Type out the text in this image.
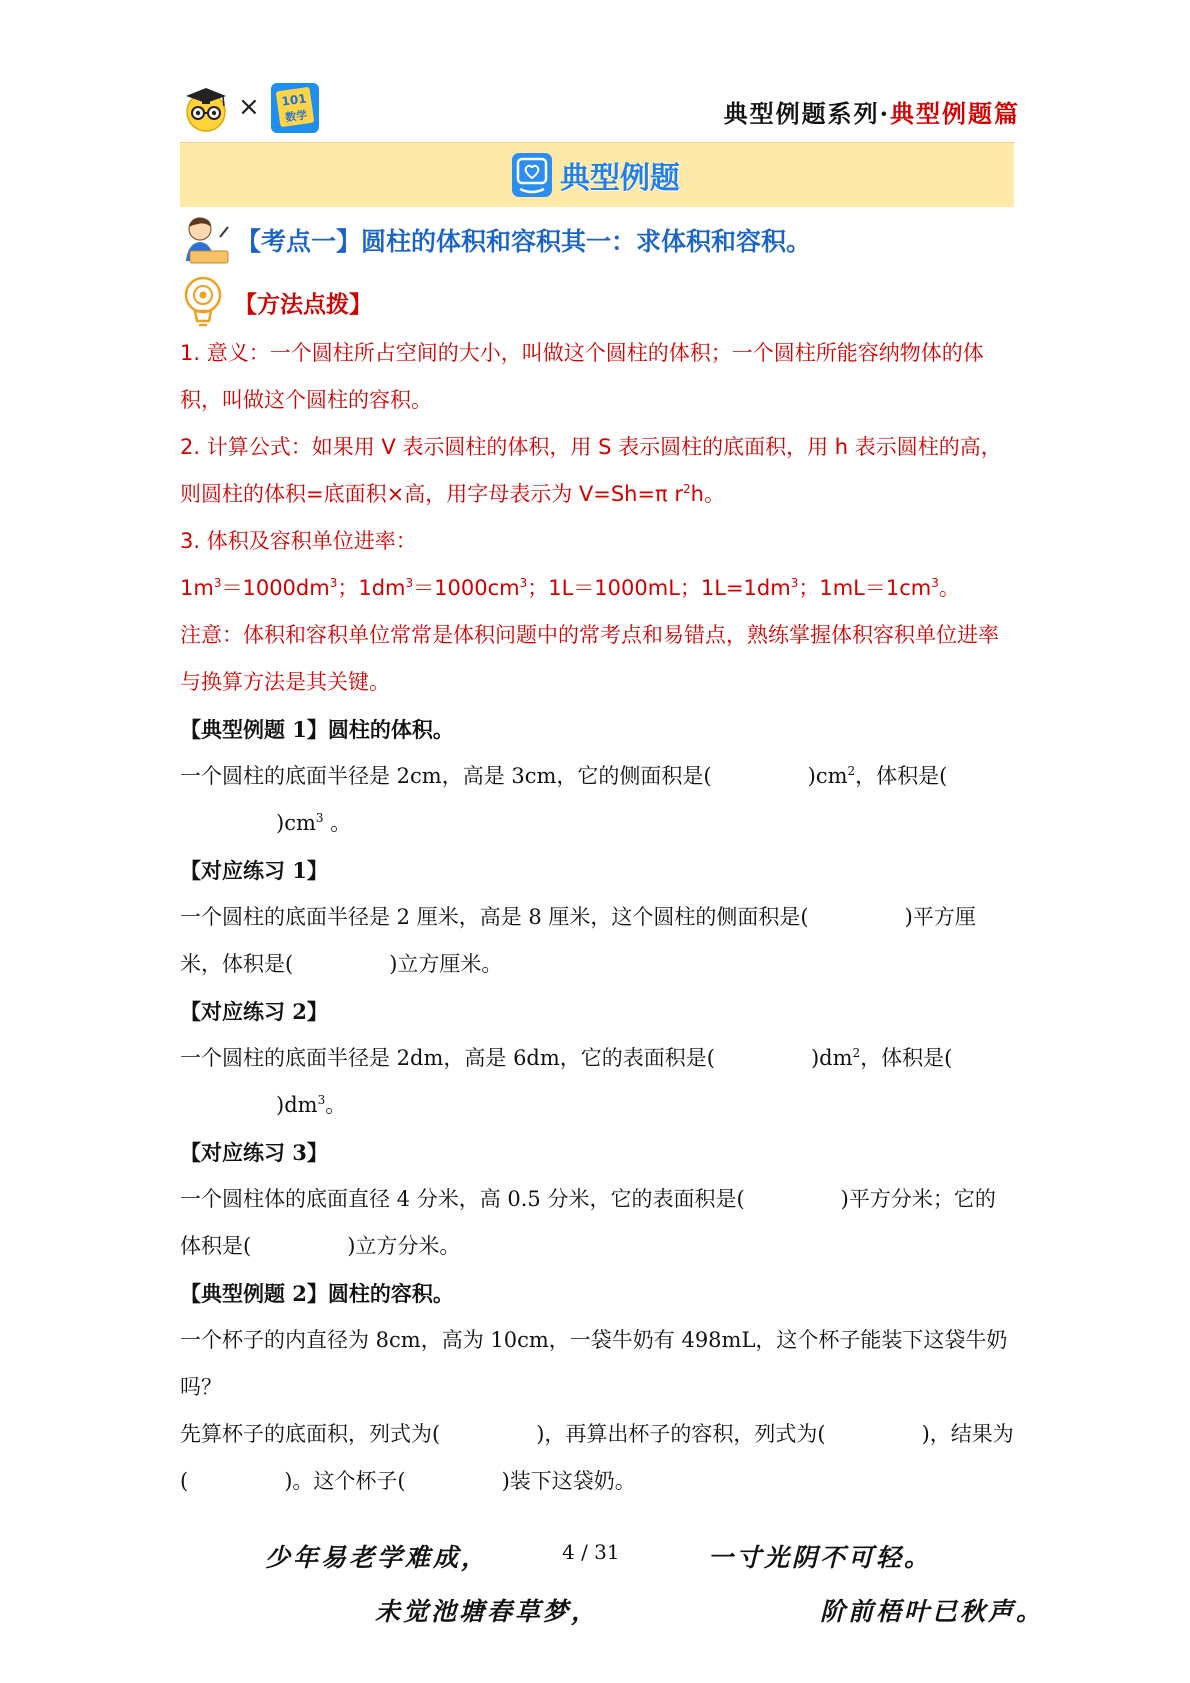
× 101
数学	典型例题系列·典型例题篇
典型例题
【考点一】圆柱的体积和容积其一：求体积和容积。
【方法点拨】

1. 意义：一个圆柱所占空间的大小，叫做这个圆柱的体积；一个圆柱所能容纳物体的体积，叫做这个圆柱的容积。

2. 计算公式：如果用 V 表示圆柱的体积，用 S 表示圆柱的底面积，用 h 表示圆柱的高，则圆柱的体积=底面积×高，用字母表示为 V=Sh=π $r^2h$。

3. 体积及容积单位进率：

$1m^3=1000dm^3$；$1dm^3=1000cm^3$；1L＝1000mL；$1L=1dm^3$；$1mL=1cm^3$。

注意：体积和容积单位常常是体积问题中的常考点和易错点，熟练掌握体积容积单位进率与换算方法是其关键。

【典型例题 1】圆柱的体积。

一个圆柱的底面半径是 2cm，高是 3cm，它的侧面积是(	)$cm^2$，体积是$()cm^3$ 。

【对应练习 1】

一个圆柱的底面半径是 2 厘米，高是 8 厘米，这个圆柱的侧面积是(	)平方厘米，体积是(	)立方厘米。

【对应练习 2】

一个圆柱的底面半径是 2dm，高是 6dm，它的表面积是(	)$dm^2$，体积是$()dm^3$。

【对应练习 3】

一个圆柱体的底面直径 4 分米，高 0.5 分米，它的表面积是(	)平方分米；它的体积是(	)立方分米。

【典型例题 2】圆柱的容积。

一个杯子的内直径为 8cm，高为 10cm，一袋牛奶有 498mL，这个杯子能装下这袋牛奶吗？

先算杯子的底面积，列式为(	)，再算出杯子的容积，列式为(	)，结果为(	)。这个杯子(	)装下这袋奶。

少年易老学难成，	4 / 31	一寸光阴不可轻。
未觉池塘春草梦，	阶前梧叶已秋声。
